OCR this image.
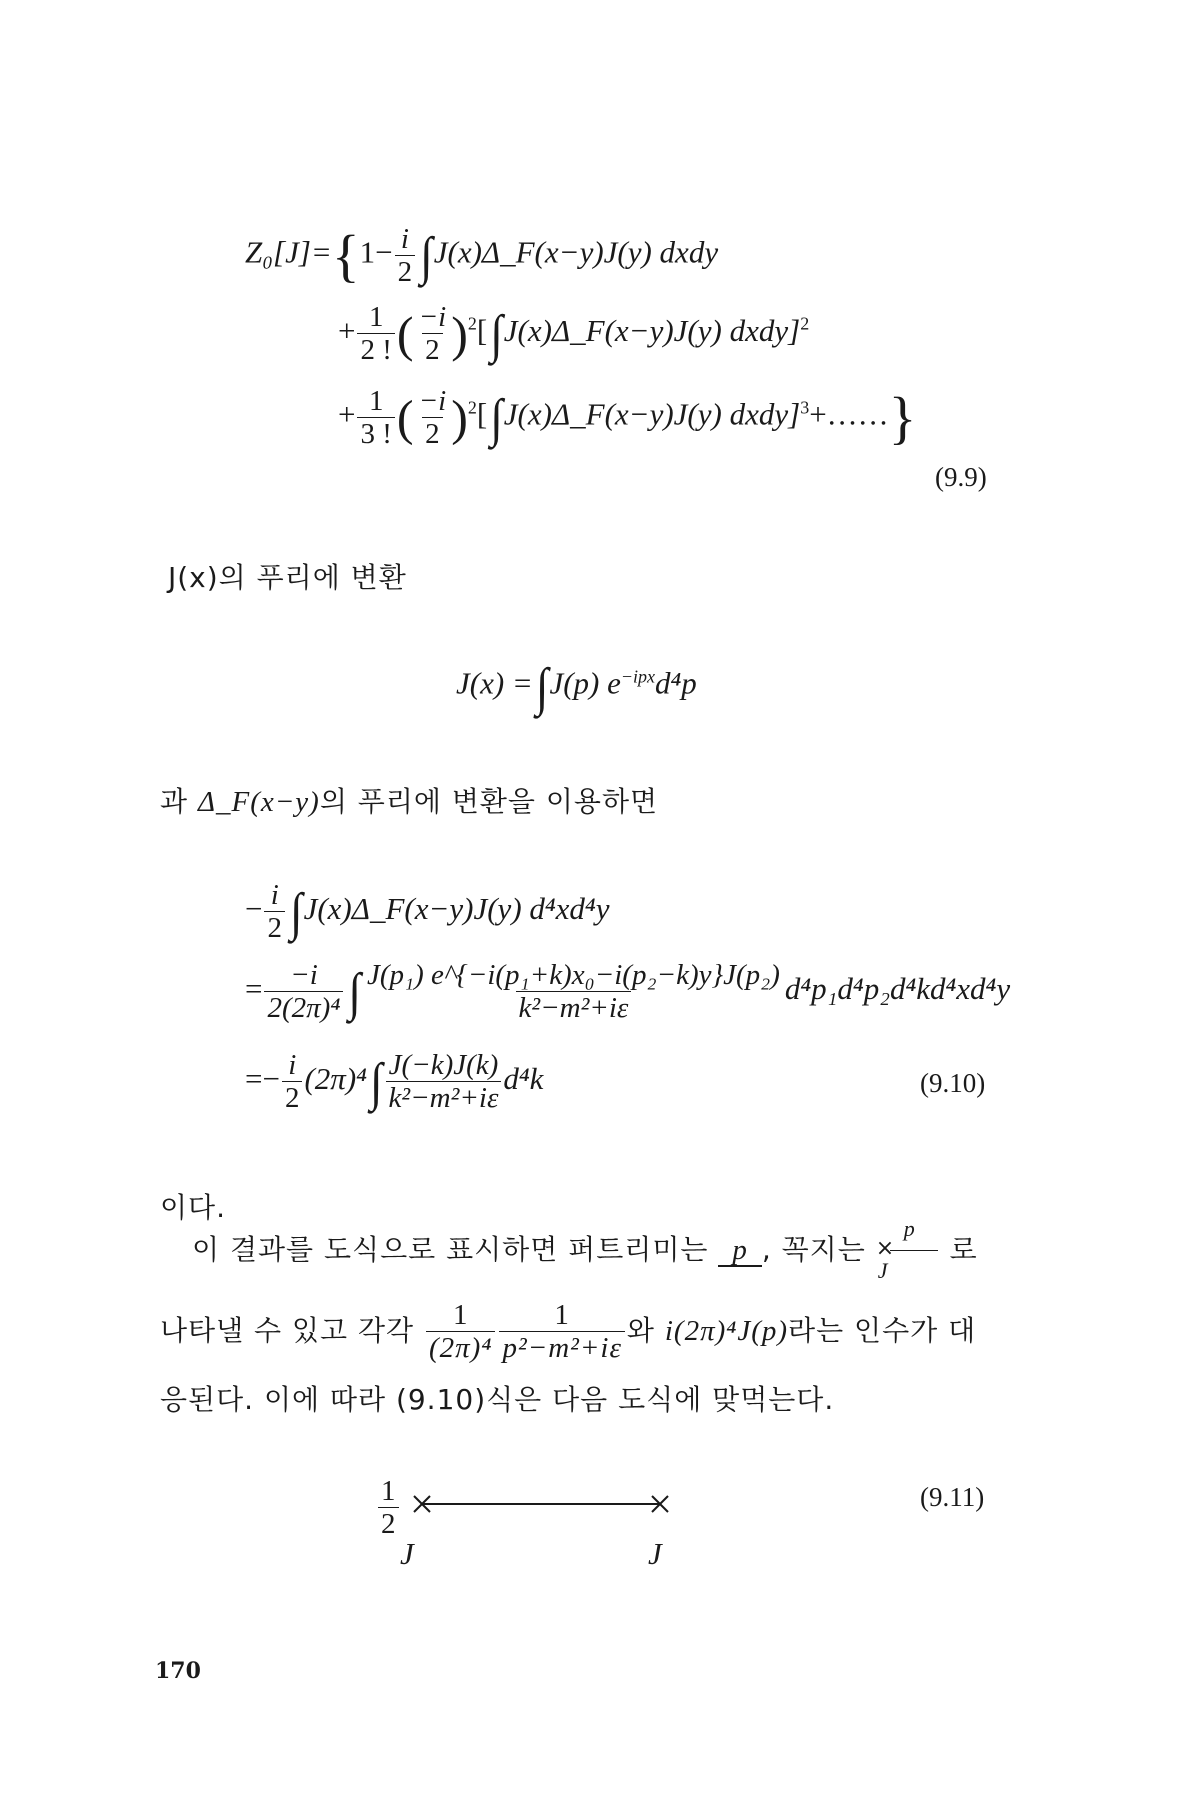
$Z_0[J]=\{1- \frac{i}{2}$ ∫J(x)Δ_F(x−y)J(y) dxdy
+ $\frac{1}{2 !}$ ( $\frac{-i}{2}$ )$^2$[∫J(x)Δ_F(x−y)J(y) dxdy]$^2$
+ $\frac{1}{3 !}$ ( $\frac{-i}{2}$ )$^2$[∫J(x)Δ_F(x−y)J(y) dxdy]$^3$+……}
(9.9)
J(x)의 푸리에 변환
J(x) =∫J(p) $e^{-ipx}d^4p$
과 Δ_F(x−y)의 푸리에 변환을 이용하면
− $\frac{i}{2}$ ∫J(x)Δ_F(x−y)J(y) d⁴xd⁴y
= $\frac{-i}{\text{2(2π)⁴}}$ ∫ $\frac{\text{J(p₁) e\textasciicircum{}\{−i(p₁+k)x₀−i(p₂−k)y\}J(p₂)}}{\text{k²−m²+iε}} d^4p_1d^4p_2d^4kd^4xd^4y$
=− $\frac{i}{2} (2\pi)^4\int \frac{J(-k)J(k)}{\text{k²−m²+iε}} d^4k$	(9.10)
이다.
이 결과를 도식으로 표시하면 퍼트리미는 p , 꼭지는
p
×
J
로
나타낼 수 있고 각각 $\frac{1}{\text{(2π)⁴}} \frac{1}{\text{p²−m²+iε}}$ 와 i(2π)⁴J(p)라는 인수가 대
응된다. 이에 따라 (9.10)식은 다음 도식에 맞먹는다.
$\frac{1}{2}$
J	J
(9.11)
170
